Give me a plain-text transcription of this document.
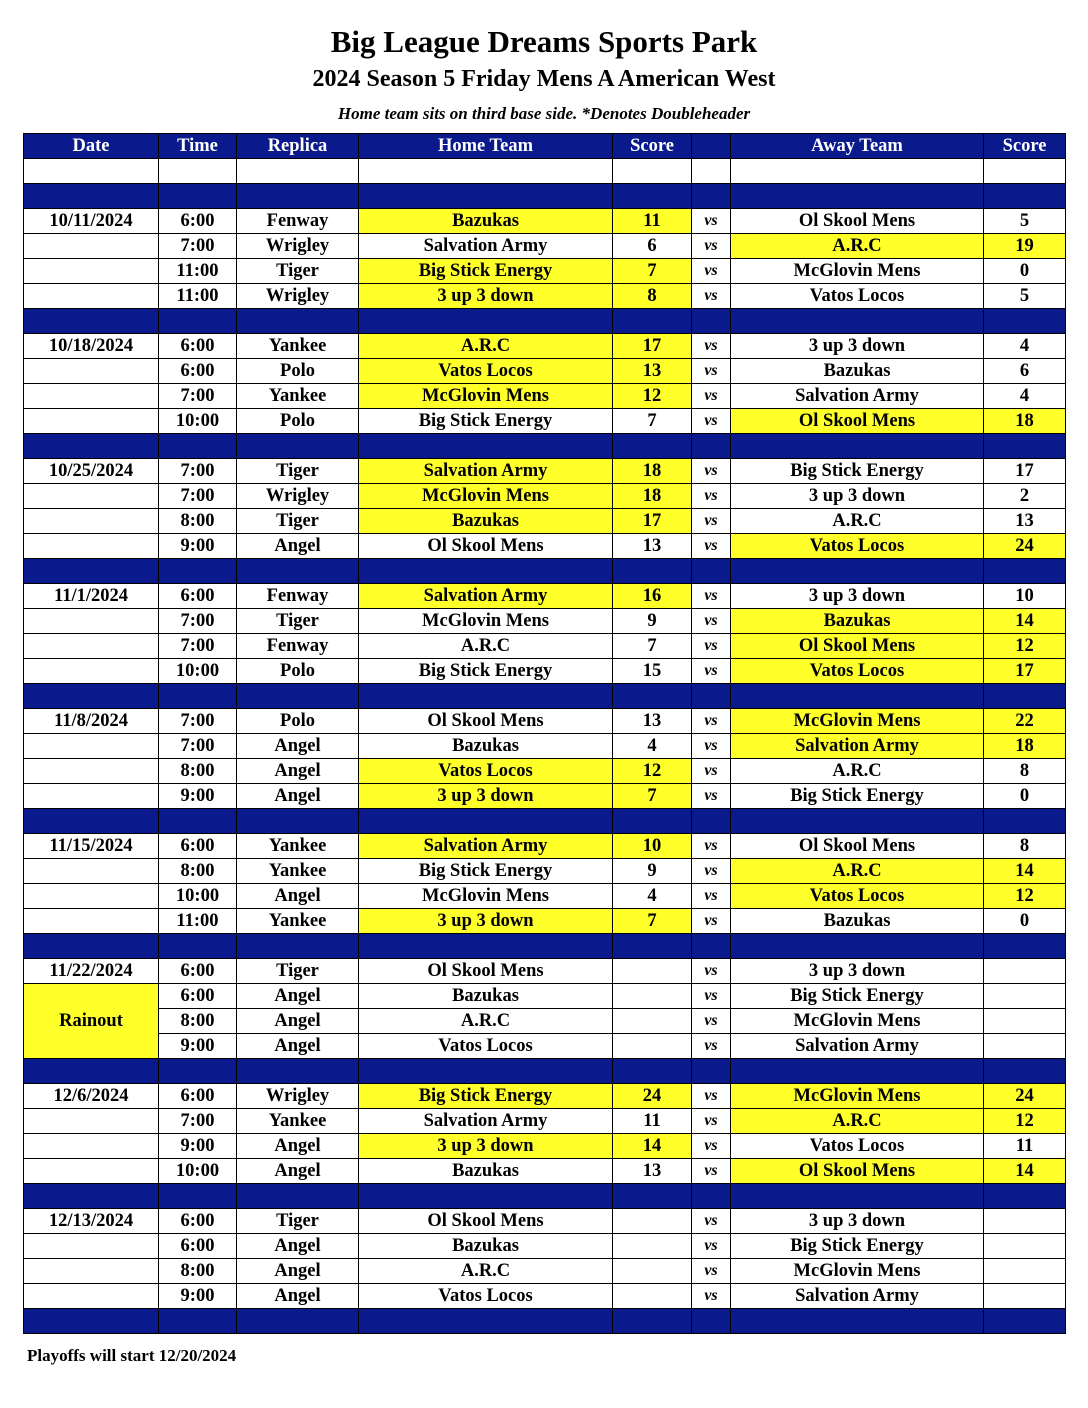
Big League Dreams Sports Park
2024 Season 5 Friday Mens A American West
Home team sits on third base side. *Denotes Doubleheader
Date	Time	Replica	Home Team	Score		Away Team	Score

10/11/2024	6:00	Fenway	Bazukas	11	vs	Ol Skool Mens	5
	7:00	Wrigley	Salvation Army	6	vs	A.R.C	19
	11:00	Tiger	Big Stick Energy	7	vs	McGlovin Mens	0
	11:00	Wrigley	3 up 3 down	8	vs	Vatos Locos	5

10/18/2024	6:00	Yankee	A.R.C	17	vs	3 up 3 down	4
	6:00	Polo	Vatos Locos	13	vs	Bazukas	6
	7:00	Yankee	McGlovin Mens	12	vs	Salvation Army	4
	10:00	Polo	Big Stick Energy	7	vs	Ol Skool Mens	18

10/25/2024	7:00	Tiger	Salvation Army	18	vs	Big Stick Energy	17
	7:00	Wrigley	McGlovin Mens	18	vs	3 up 3 down	2
	8:00	Tiger	Bazukas	17	vs	A.R.C	13
	9:00	Angel	Ol Skool Mens	13	vs	Vatos Locos	24

11/1/2024	6:00	Fenway	Salvation Army	16	vs	3 up 3 down	10
	7:00	Tiger	McGlovin Mens	9	vs	Bazukas	14
	7:00	Fenway	A.R.C	7	vs	Ol Skool Mens	12
	10:00	Polo	Big Stick Energy	15	vs	Vatos Locos	17

11/8/2024	7:00	Polo	Ol Skool Mens	13	vs	McGlovin Mens	22
	7:00	Angel	Bazukas	4	vs	Salvation Army	18
	8:00	Angel	Vatos Locos	12	vs	A.R.C	8
	9:00	Angel	3 up 3 down	7	vs	Big Stick Energy	0

11/15/2024	6:00	Yankee	Salvation Army	10	vs	Ol Skool Mens	8
	8:00	Yankee	Big Stick Energy	9	vs	A.R.C	14
	10:00	Angel	McGlovin Mens	4	vs	Vatos Locos	12
	11:00	Yankee	3 up 3 down	7	vs	Bazukas	0

11/22/2024	6:00	Tiger	Ol Skool Mens		vs	3 up 3 down	
Rainout	6:00	Angel	Bazukas		vs	Big Stick Energy	
	8:00	Angel	A.R.C		vs	McGlovin Mens	
	9:00	Angel	Vatos Locos		vs	Salvation Army	

12/6/2024	6:00	Wrigley	Big Stick Energy	24	vs	McGlovin Mens	24
	7:00	Yankee	Salvation Army	11	vs	A.R.C	12
	9:00	Angel	3 up 3 down	14	vs	Vatos Locos	11
	10:00	Angel	Bazukas	13	vs	Ol Skool Mens	14

12/13/2024	6:00	Tiger	Ol Skool Mens		vs	3 up 3 down	
	6:00	Angel	Bazukas		vs	Big Stick Energy	
	8:00	Angel	A.R.C		vs	McGlovin Mens	
	9:00	Angel	Vatos Locos		vs	Salvation Army	

Playoffs will start 12/20/2024
